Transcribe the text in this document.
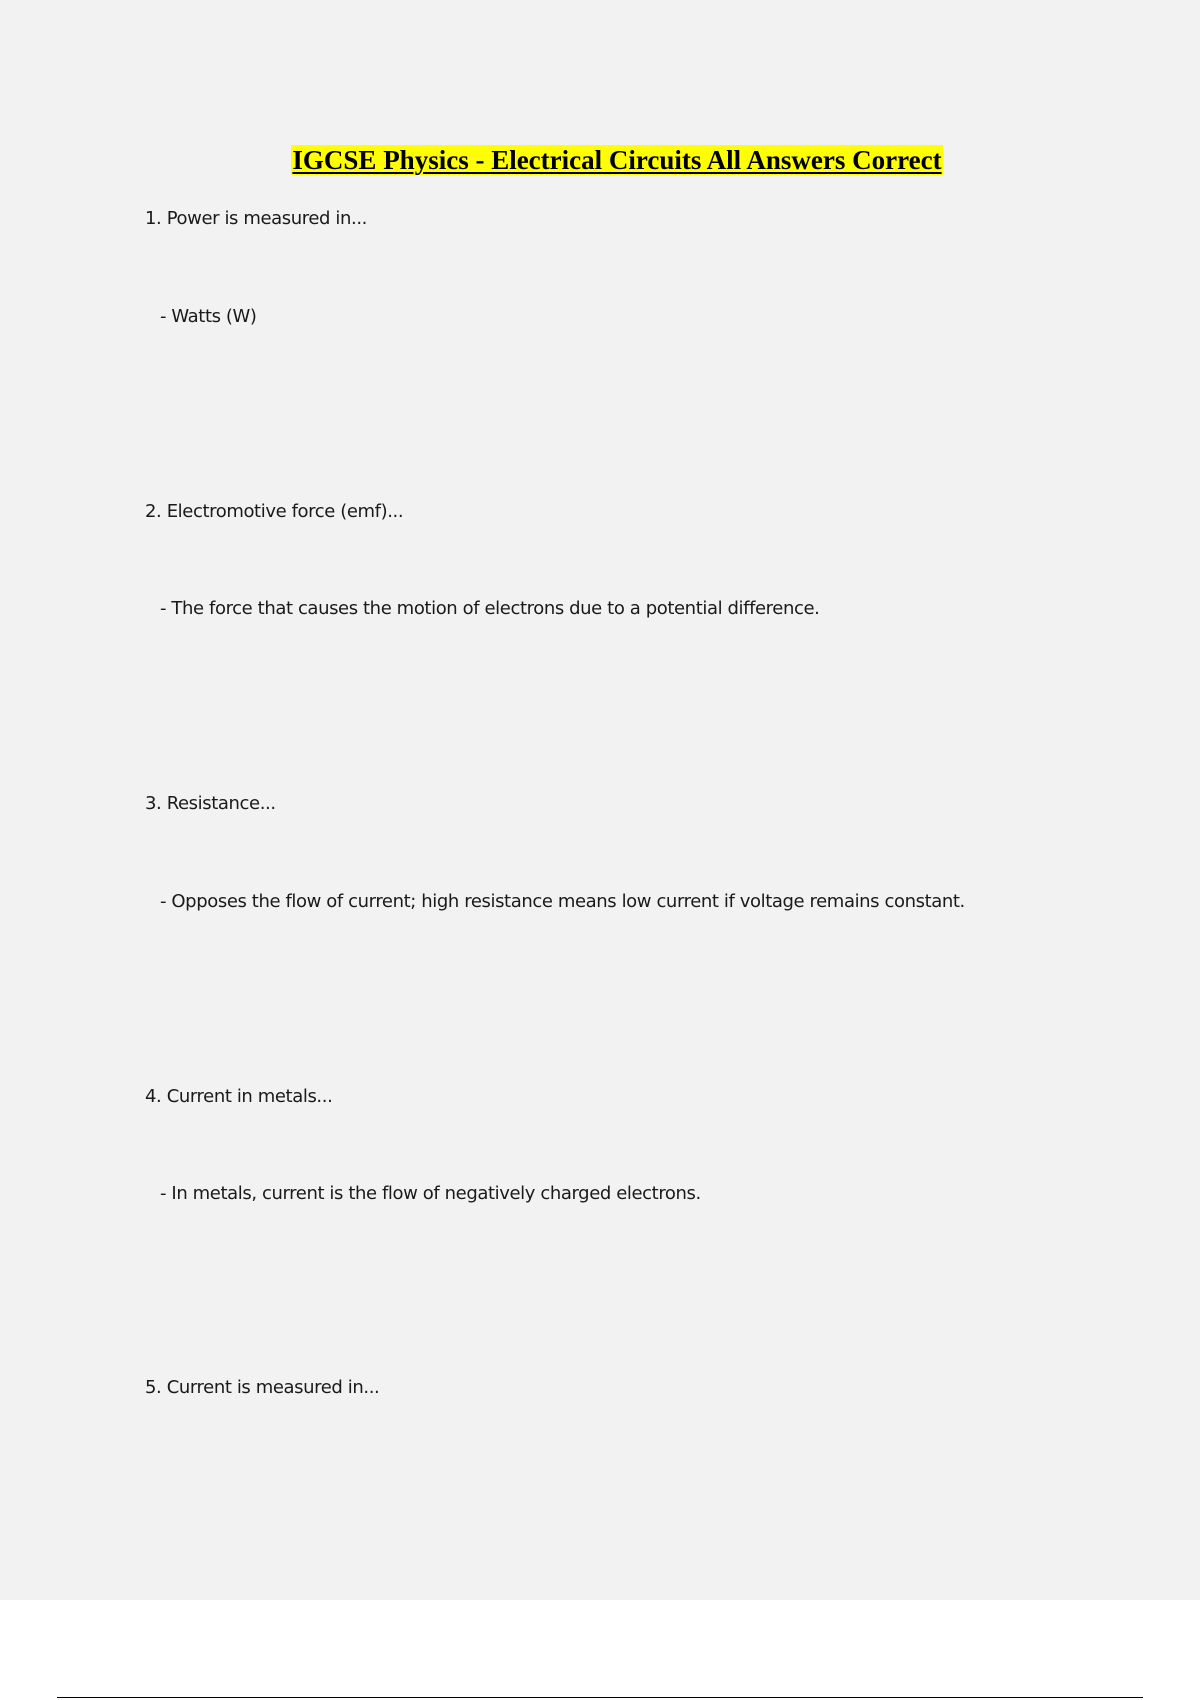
IGCSE Physics - Electrical Circuits All Answers Correct
1. Power is measured in...
- Watts (W)
2. Electromotive force (emf)...
- The force that causes the motion of electrons due to a potential difference.
3. Resistance...
- Opposes the flow of current; high resistance means low current if voltage remains constant.
4. Current in metals...
- In metals, current is the flow of negatively charged electrons.
5. Current is measured in...
